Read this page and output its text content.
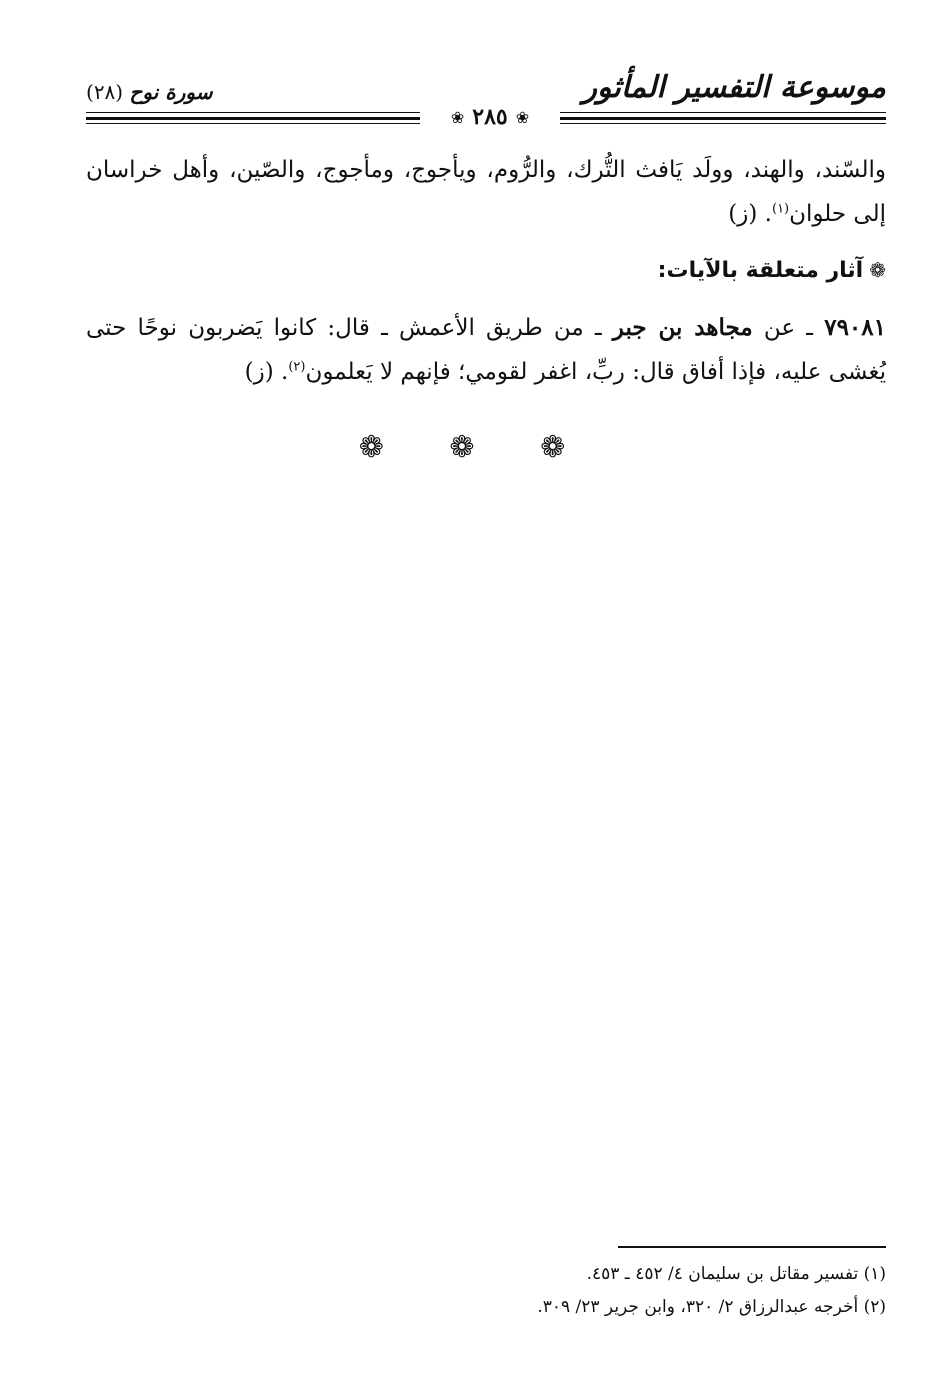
موسوعة التفسير المأثور
سورة نوح (٢٨)
❀
٢٨٥
❀
والسّند، والهند، وولَد يَافث التُّرك، والرُّوم، ويأجوج، ومأجوج، والصّين، وأهل خراسان إلى حلوان$^{(١)}$. (ز)
❁آثار متعلقة بالآيات:
٧٩٠٨١ ـ عن مجاهد بن جبر ـ من طريق الأعمش ـ قال: كانوا يَضربون نوحًا حتى يُغشى عليه، فإذا أفاق قال: ربِّ، اغفر لقومي؛ فإنهم لا يَعلمون$^{(٢)}$. (ز)
❁ ❁ ❁
(١) تفسير مقاتل بن سليمان ٤/ ٤٥٢ ـ ٤٥٣.
(٢) أخرجه عبدالرزاق ٢/ ٣٢٠، وابن جرير ٢٣/ ٣٠٩.
